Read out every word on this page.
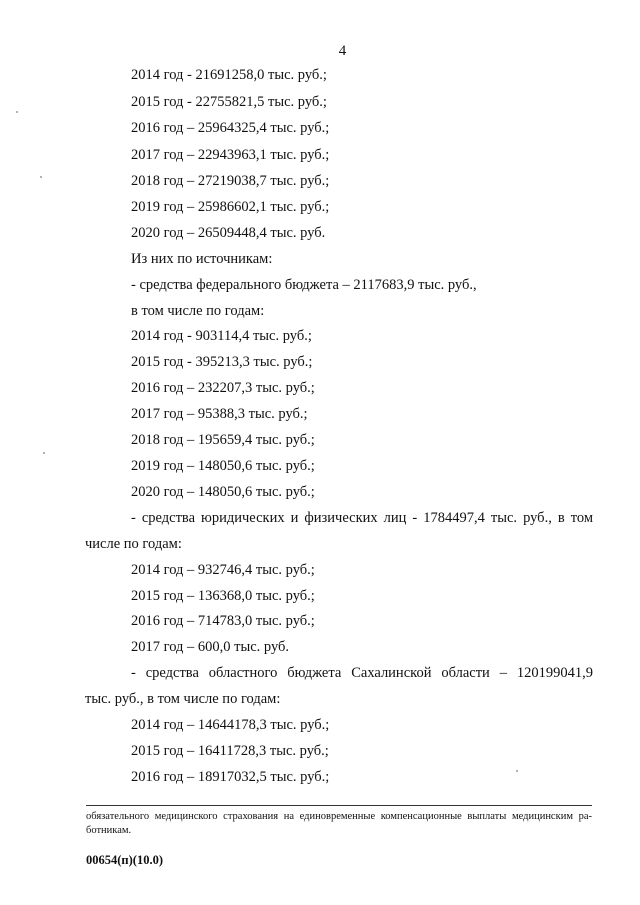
4
2014 год - 21691258,0 тыс. руб.;
2015 год - 22755821,5 тыс. руб.;
2016 год – 25964325,4 тыс. руб.;
2017 год – 22943963,1 тыс. руб.;
2018 год – 27219038,7 тыс. руб.;
2019 год – 25986602,1 тыс. руб.;
2020 год – 26509448,4 тыс. руб.
Из них по источникам:
- средства федерального бюджета – 2117683,9 тыс. руб.,
в том числе по годам:
2014 год - 903114,4 тыс. руб.;
2015 год - 395213,3 тыс. руб.;
2016 год – 232207,3 тыс. руб.;
2017 год – 95388,3 тыс. руб.;
2018 год – 195659,4 тыс. руб.;
2019 год – 148050,6 тыс. руб.;
2020 год – 148050,6 тыс. руб.;
- средства юридических и физических лиц - 1784497,4 тыс. руб., в том
числе по годам:
2014 год – 932746,4 тыс. руб.;
2015 год – 136368,0 тыс. руб.;
2016 год – 714783,0 тыс. руб.;
2017 год – 600,0 тыс. руб.
- средства областного бюджета Сахалинской области – 120199041,9
тыс. руб., в том числе по годам:
2014 год – 14644178,3 тыс. руб.;
2015 год – 16411728,3 тыс. руб.;
2016 год – 18917032,5 тыс. руб.;
обязательного медицинского страхования на единовременные компенсационные выплаты медицинским ра-
ботникам.
00654(п)(10.0)
